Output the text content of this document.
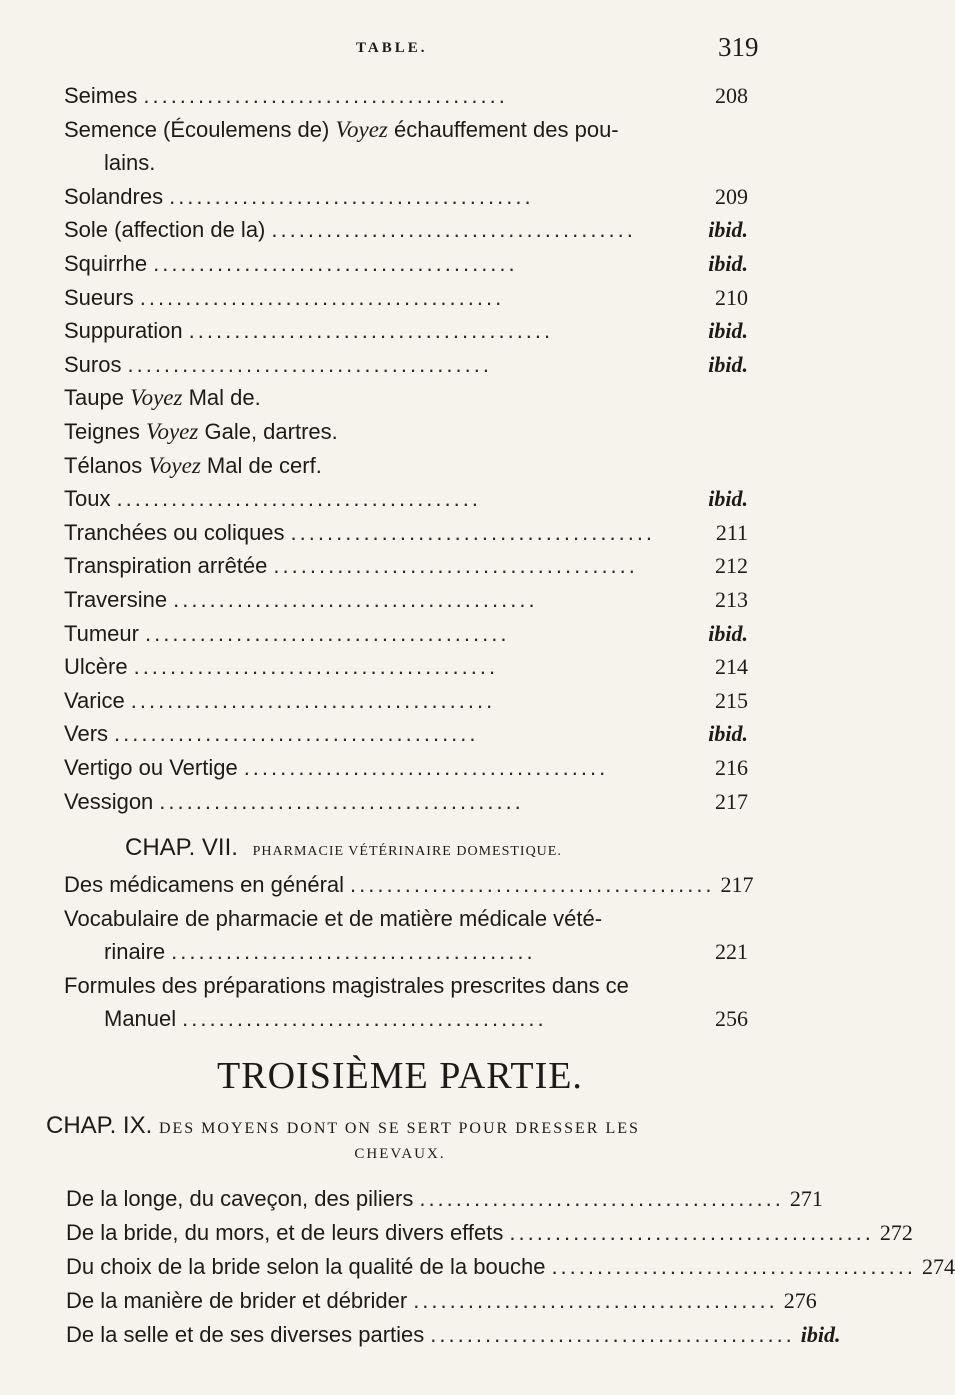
TABLE.	319
Seimes ........................................	208
Semence (Écoulemens de) Voyez échauffement des pou-
lains.
Solandres ........................................	209
Sole (affection de la) ........................................	ibid.
Squirrhe ........................................	ibid.
Sueurs ........................................	210
Suppuration ........................................	ibid.
Suros ........................................	ibid.
Taupe Voyez Mal de.
Teignes Voyez Gale, dartres.
Télanos Voyez Mal de cerf.
Toux ........................................	ibid.
Tranchées ou coliques ........................................	211
Transpiration arrêtée ........................................	212
Traversine ........................................	213
Tumeur ........................................	ibid.
Ulcère ........................................	214
Varice ........................................	215
Vers ........................................	ibid.
Vertigo ou Vertige ........................................	216
Vessigon ........................................	217
CHAP. VII. PHARMACIE VÉTÉRINAIRE DOMESTIQUE.
Des médicamens en général ........................................ 217
Vocabulaire de pharmacie et de matière médicale vété-
rinaire ........................................	221
Formules des préparations magistrales prescrites dans ce
Manuel ........................................	256
TROISIÈME PARTIE.
CHAP. IX. DES MOYENS DONT ON SE SERT POUR DRESSER LES
CHEVAUX.
De la longe, du caveçon, des piliers ........................................ 271
De la bride, du mors, et de leurs divers effets ........................................ 272
Du choix de la bride selon la qualité de la bouche ........................................ 274
De la manière de brider et débrider ........................................ 276
De la selle et de ses diverses parties ........................................ ibid.
